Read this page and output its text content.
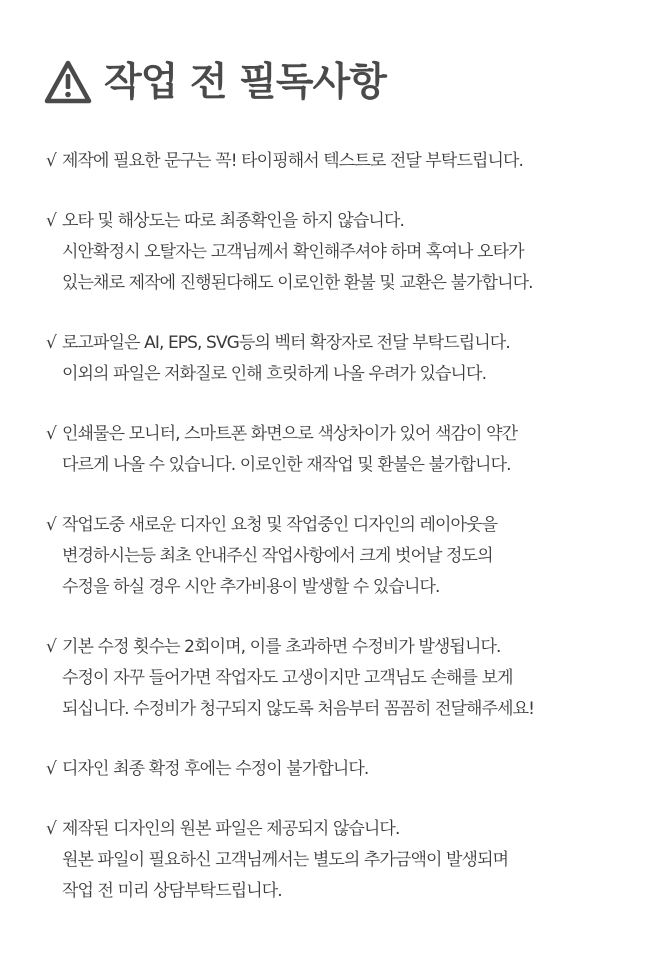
작업 전 필독사항
√ 제작에 필요한 문구는 꼭! 타이핑해서 텍스트로 전달 부탁드립니다.
√ 오타 및 해상도는 따로 최종확인을 하지 않습니다.
시안확정시 오탈자는 고객님께서 확인해주셔야 하며 혹여나 오타가
있는채로 제작에 진행된다해도 이로인한 환불 및 교환은 불가합니다.
√ 로고파일은 AI, EPS, SVG등의 벡터 확장자로 전달 부탁드립니다.
이외의 파일은 저화질로 인해 흐릿하게 나올 우려가 있습니다.
√ 인쇄물은 모니터, 스마트폰 화면으로 색상차이가 있어 색감이 약간
다르게 나올 수 있습니다. 이로인한 재작업 및 환불은 불가합니다.
√ 작업도중 새로운 디자인 요청 및 작업중인 디자인의 레이아웃을
변경하시는등 최초 안내주신 작업사항에서 크게 벗어날 정도의
수정을 하실 경우 시안 추가비용이 발생할 수 있습니다.
√ 기본 수정 횟수는 2회이며, 이를 초과하면 수정비가 발생됩니다.
수정이 자꾸 들어가면 작업자도 고생이지만 고객님도 손해를 보게
되십니다. 수정비가 청구되지 않도록 처음부터 꼼꼼히 전달해주세요!
√ 디자인 최종 확정 후에는 수정이 불가합니다.
√ 제작된 디자인의 원본 파일은 제공되지 않습니다.
원본 파일이 필요하신 고객님께서는 별도의 추가금액이 발생되며
작업 전 미리 상담부탁드립니다.
